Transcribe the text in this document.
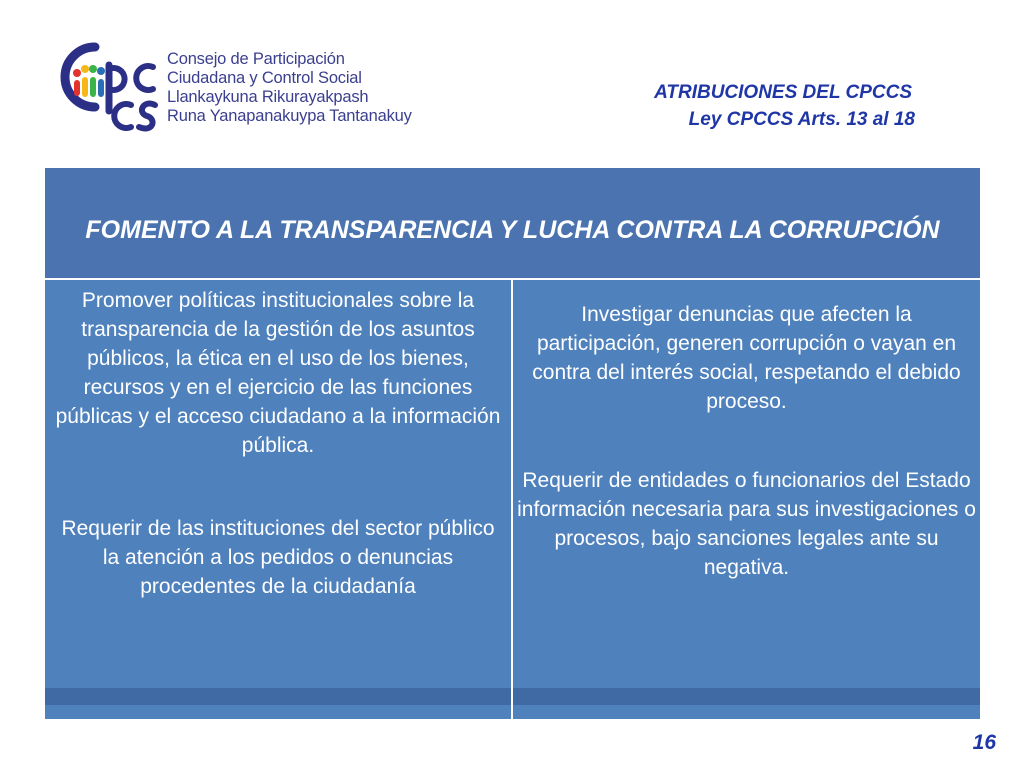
Consejo de Participación
Ciudadana y Control Social
Llankaykuna Rikurayakpash
Runa Yanapanakuypa Tantanakuy
ATRIBUCIONES DEL CPCCS
Ley CPCCS Arts. 13 al 18
FOMENTO A LA TRANSPARENCIA Y LUCHA CONTRA LA CORRUPCIÓN

Promover políticas institucionales sobre la transparencia de la gestión de los asuntos públicos, la ética en el uso de los bienes, recursos y en el ejercicio de las funciones públicas y el acceso ciudadano a la información pública.

Requerir de las instituciones del sector público la atención a los pedidos o denuncias procedentes de la ciudadanía

Investigar denuncias que afecten la participación, generen corrupción o vayan en contra del interés social, respetando el debido proceso.

Requerir de entidades o funcionarios del Estado información necesaria para sus investigaciones o procesos, bajo sanciones legales ante su negativa.

16
